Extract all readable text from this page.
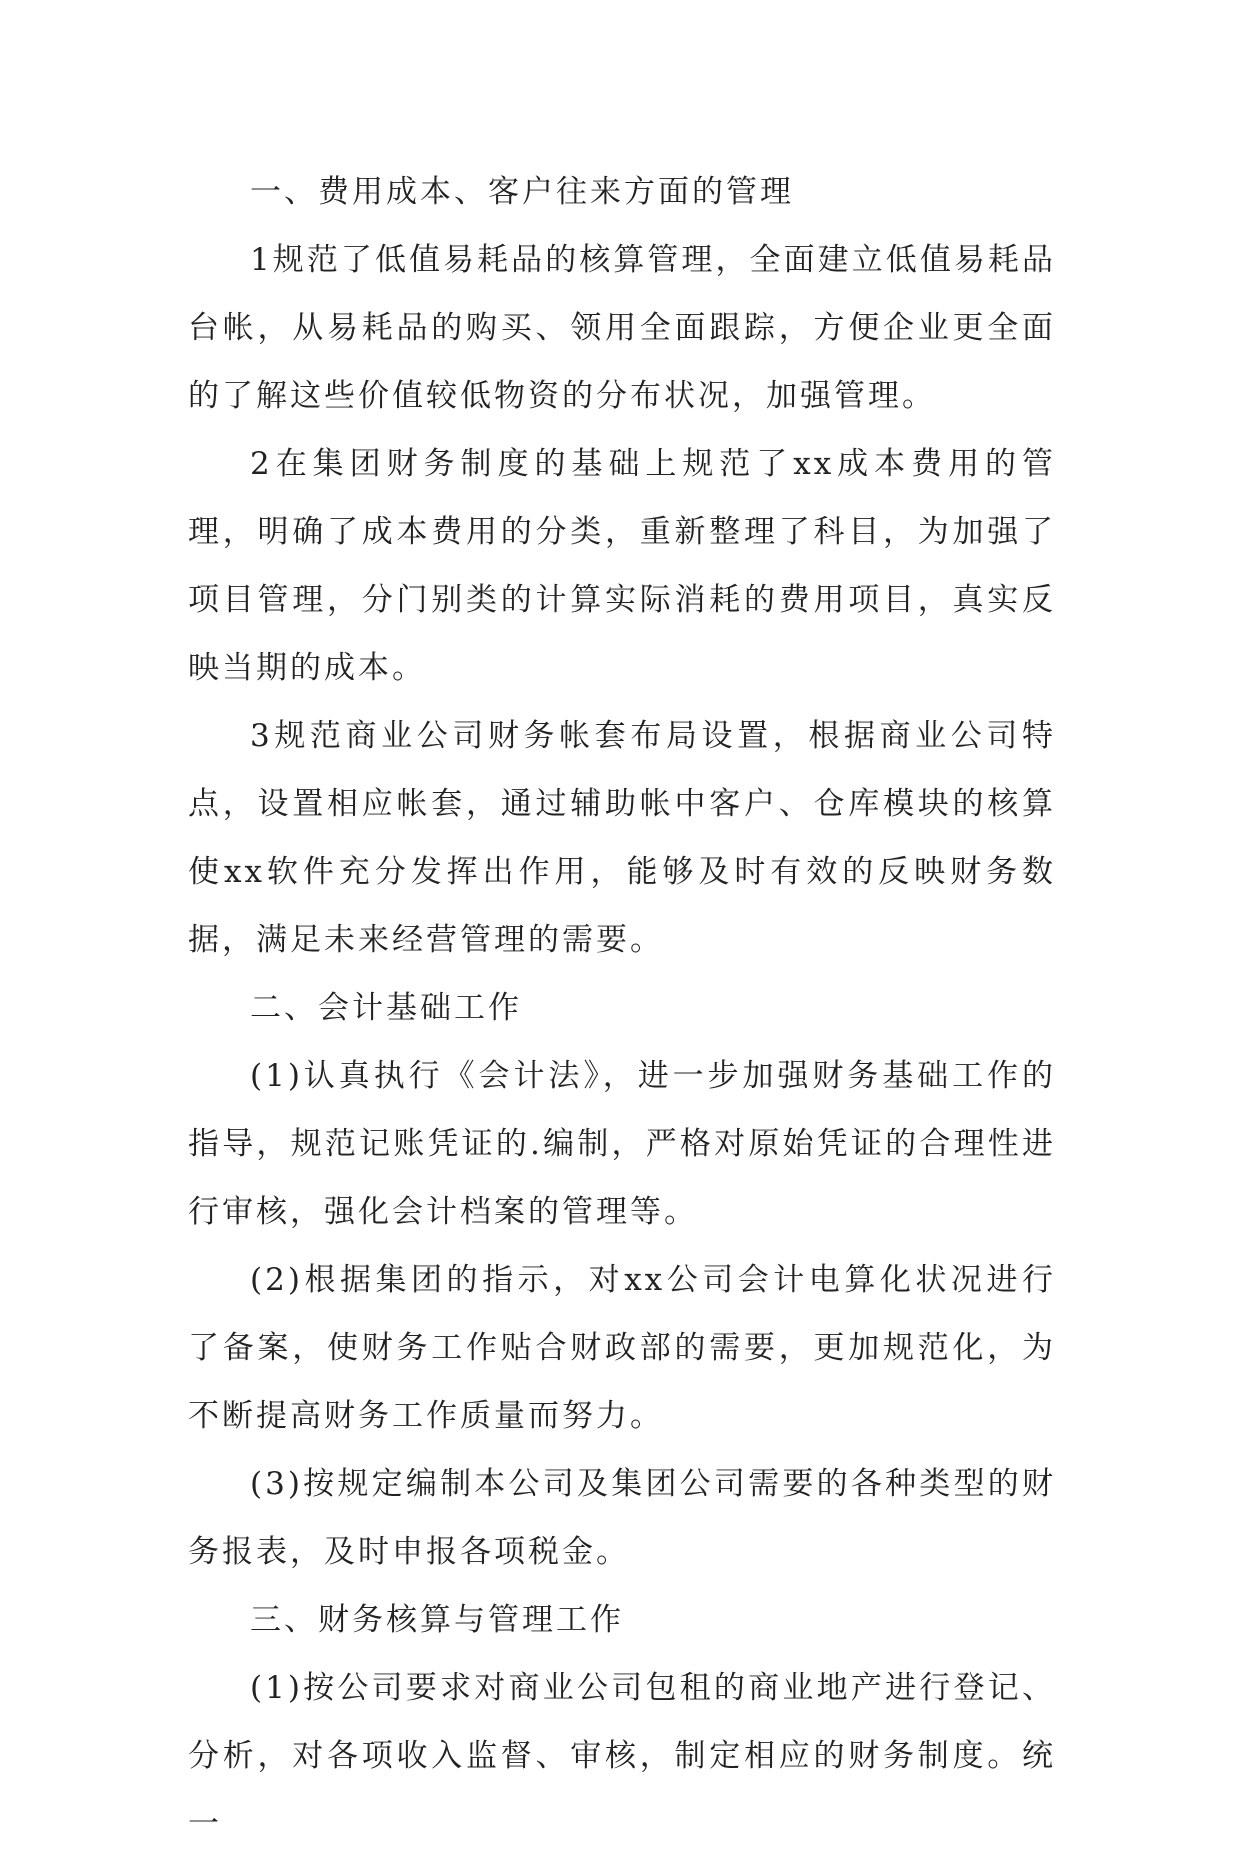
一、费用成本、客户往来方面的管理

1规范了低值易耗品的核算管理，全面建立低值易耗品台帐，从易耗品的购买、领用全面跟踪，方便企业更全面的了解这些价值较低物资的分布状况，加强管理。

2在集团财务制度的基础上规范了xx成本费用的管理，明确了成本费用的分类，重新整理了科目，为加强了项目管理，分门别类的计算实际消耗的费用项目，真实反映当期的成本。

3规范商业公司财务帐套布局设置，根据商业公司特点，设置相应帐套，通过辅助帐中客户、仓库模块的核算使xx软件充分发挥出作用，能够及时有效的反映财务数据，满足未来经营管理的需要。

二、会计基础工作

(1)认真执行《会计法》，进一步加强财务基础工作的指导，规范记账凭证的.编制，严格对原始凭证的合理性进行审核，强化会计档案的管理等。

(2)根据集团的指示，对xx公司会计电算化状况进行了备案，使财务工作贴合财政部的需要，更加规范化，为不断提高财务工作质量而努力。

(3)按规定编制本公司及集团公司需要的各种类型的财务报表，及时申报各项税金。

三、财务核算与管理工作

(1)按公司要求对商业公司包租的商业地产进行登记、分析，对各项收入监督、审核，制定相应的财务制度。统一
